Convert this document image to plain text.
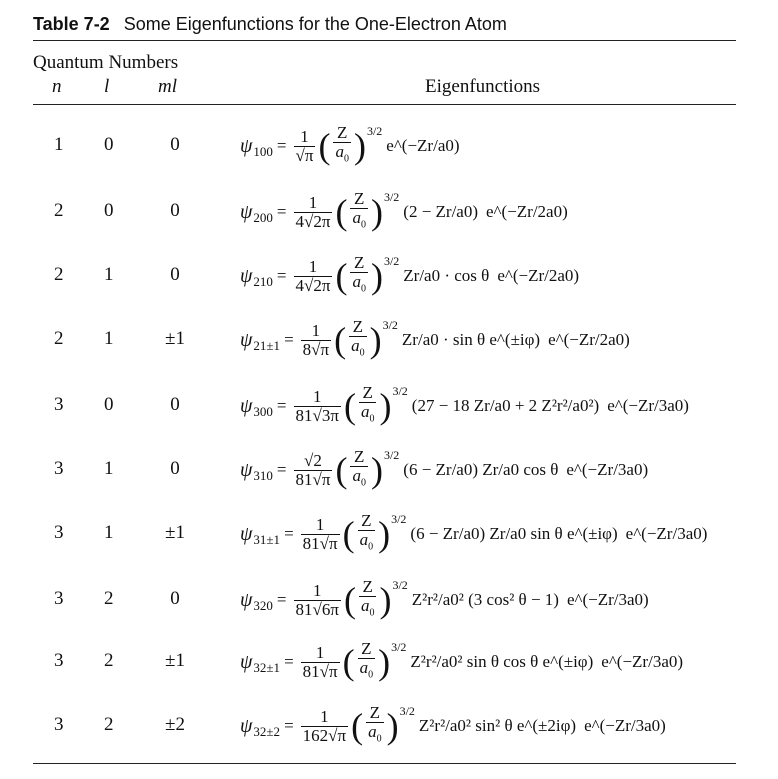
Table 7-2 Some Eigenfunctions for the One-Electron Atom
Quantum Numbers
n l	ml	Eigenfunctions
1 0	0	ψ $100 = \frac{1}{√\pi}$ ( $\frac{Z}{a_0}$ ) 3/2
e^(−Zr/a0)
2 0	0	ψ $200 = \frac{1}{4√2\pi}$ ( $\frac{Z}{a_0}$ ) 3/2
(2 − Zr/a0) e^(−Zr/2a0)
2 1	0	ψ $210 = \frac{1}{4√2\pi}$ ( $\frac{Z}{a_0}$ ) 3/2
Zr/a0 · cos θ e^(−Zr/2a0)
2 1	±1	ψ $21\pm 1 = \frac{1}{8√\pi}$ ( $\frac{Z}{a_0}$ ) 3/2
Zr/a0 · sin θ e^(±iφ) e^(−Zr/2a0)
3 0	0	ψ $300 = \frac{1}{81√3\pi}$ ( $\frac{Z}{a_0}$ ) 3/2
(27 − 18 Zr/a0 + 2 Z²r²/a0²) e^(−Zr/3a0)
3 1	0	ψ $310 = \frac{√2}{81√\pi}$ ( $\frac{Z}{a_0}$ ) 3/2
(6 − Zr/a0) Zr/a0 cos θ e^(−Zr/3a0)
3 1	±1	ψ $31\pm 1 = \frac{1}{81√\pi}$ ( $\frac{Z}{a_0}$ ) 3/2
(6 − Zr/a0) Zr/a0 sin θ e^(±iφ) e^(−Zr/3a0)
3 2	0	ψ $320 = \frac{1}{81√6\pi}$ ( $\frac{Z}{a_0}$ ) 3/2
Z²r²/a0² (3 cos² θ − 1) e^(−Zr/3a0)
3 2	±1	ψ $32\pm 1 = \frac{1}{81√\pi}$ ( $\frac{Z}{a_0}$ ) 3/2
Z²r²/a0² sin θ cos θ e^(±iφ) e^(−Zr/3a0)
3 2	±2	ψ $32\pm 2 = \frac{1}{162√\pi}$ ( $\frac{Z}{a_0}$ ) 3/2
Z²r²/a0² sin² θ e^(±2iφ) e^(−Zr/3a0)
